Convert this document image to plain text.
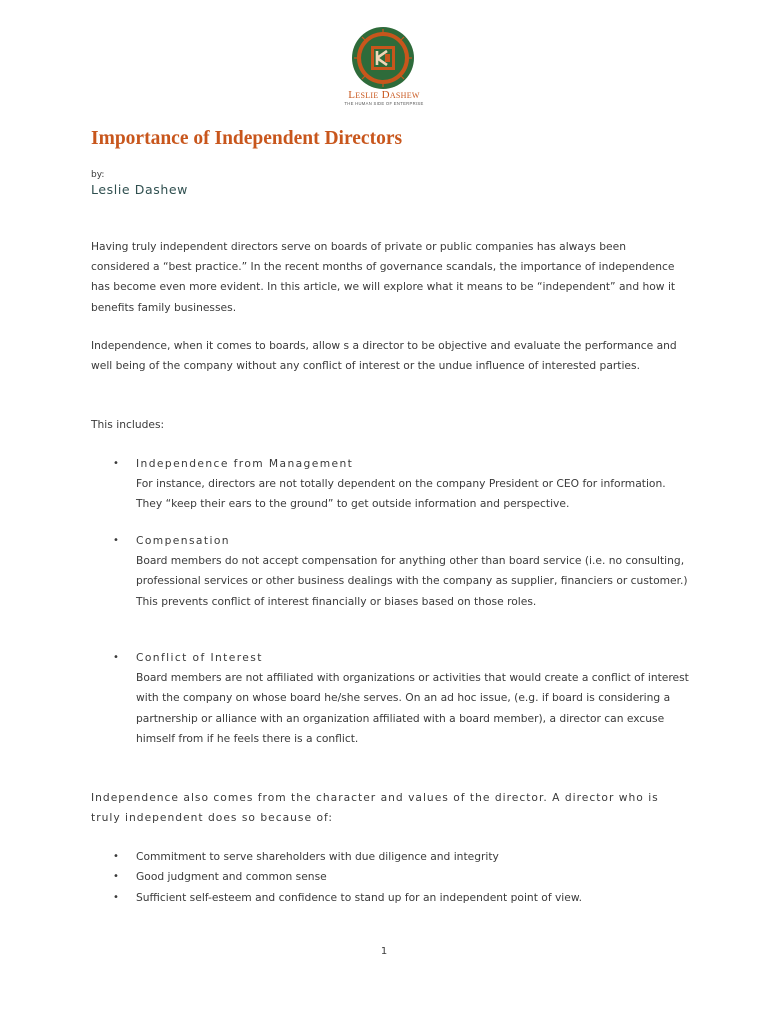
Leslie Dashew
THE HUMAN SIDE OF ENTERPRISE
Importance of Independent Directors
by:
Leslie Dashew

Having truly independent directors serve on boards of private or public companies has always been considered a “best practice.” In the recent months of governance scandals, the importance of independence has become even more evident. In this article, we will explore what it means to be “independent” and how it benefits family businesses.

Independence, when it comes to boards, allow s a director to be objective and evaluate the performance and well being of the company without any conflict of interest or the undue influence of interested parties.

This includes:

• Independence from Management

For instance, directors are not totally dependent on the company President or CEO for information. They “keep their ears to the ground” to get outside information and perspective.

• Compensation

Board members do not accept compensation for anything other than board service (i.e. no consulting, professional services or other business dealings with the company as supplier, financiers or customer.) This prevents conflict of interest financially or biases based on those roles.

• Conflict of Interest

Board members are not affiliated with organizations or activities that would create a conflict of interest with the company on whose board he/she serves. On an ad hoc issue, (e.g. if board is considering a partnership or alliance with an organization affiliated with a board member), a director can excuse himself from if he feels there is a conflict.

Independence also comes from the character and values of the director. A director who is truly independent does so because of:

• Commitment to serve shareholders with due diligence and integrity
• Good judgment and common sense
• Sufficient self-esteem and confidence to stand up for an independent point of view.
1
